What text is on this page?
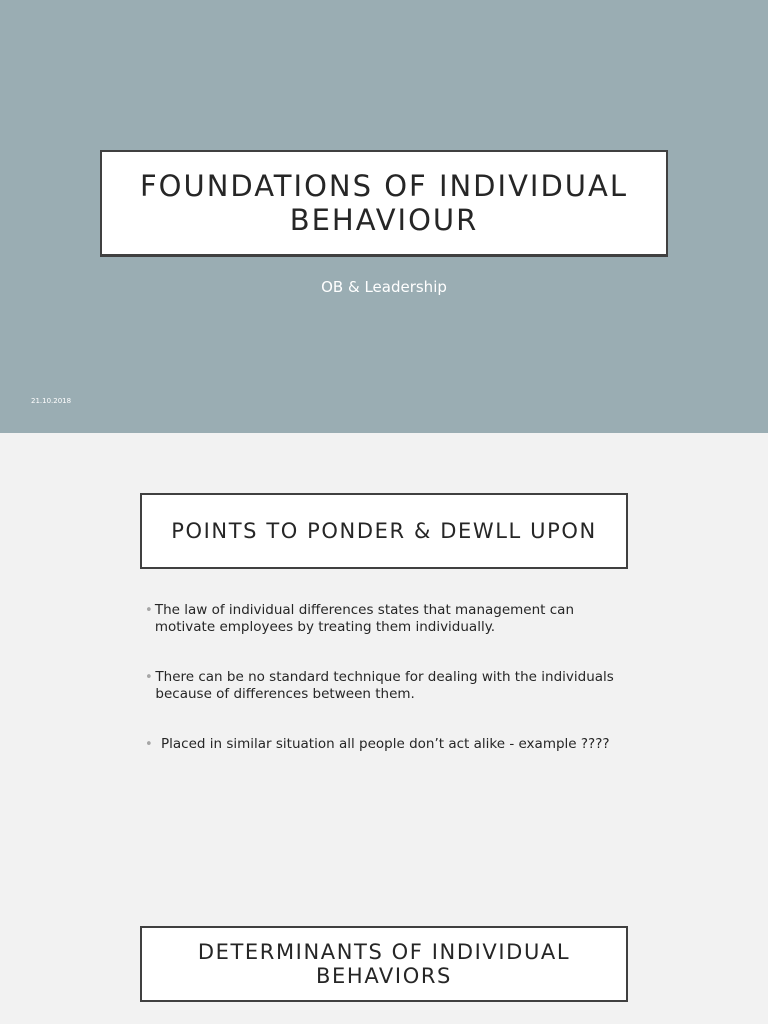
FOUNDATIONS OF INDIVIDUAL BEHAVIOUR
OB & Leadership
21.10.2018
POINTS TO PONDER & DEWLL UPON
• The law of individual differences states that management can motivate employees by treating them individually.
• There can be no standard technique for dealing with the individuals because of differences between them.
• Placed in similar situation all people don’t act alike - example ????
DETERMINANTS OF INDIVIDUAL BEHAVIORS
